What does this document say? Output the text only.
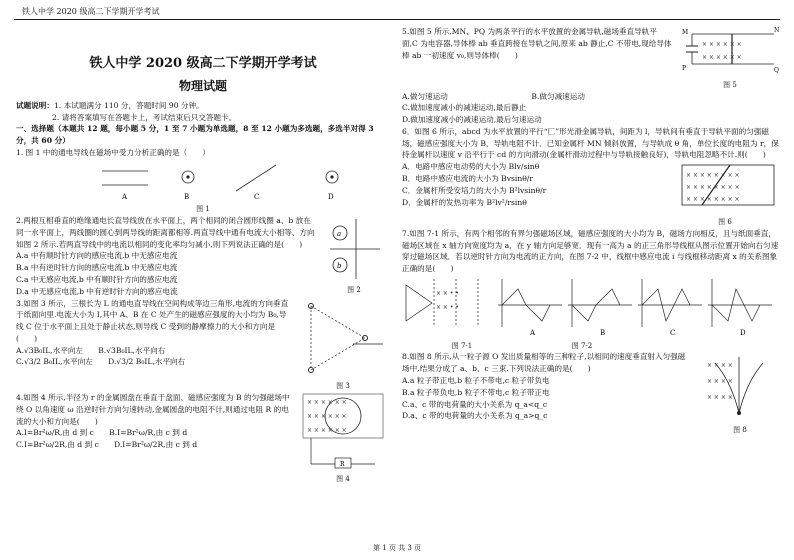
铁人中学 2020 级高二下学期开学考试
铁人中学 2020 级高二下学期开学考试
物理试题

试题说明：1. 本试题满分 110 分，答题时间 90 分钟。

2. 请将答案填写在答题卡上，考试结束后只交答题卡。

一、选择题（本题共 12 题，每小题 5 分，1 至 7 小题为单选题，8 至 12 小题为多选题，多选半对得 3 分，共 60 分）

1. 图 1 中的通电导线在磁场中受力分析正确的是（　　）

A	B	C	D
图 1

2.两根互相垂直的绝缘通电长直导线放在水平面上，两个相同的闭合圆形线圈 a、b 放在同一水平面上，两线圈的圆心到两导线的距离都相等.两直导线中通有电流大小相等、方向如图 2 所示.若两直导线中的电流以相同的变化率均匀减小,则下列说法正确的是(　　)

A.a 中有顺时针方向的感应电流,b 中无感应电流

B.a 中有逆时针方向的感应电流,b 中无感应电流

C.a 中无感应电流,b 中有顺时针方向的感应电流

D.a 中无感应电流,b 中有逆时针方向的感应电流

a
b
图 2

3.如图 3 所示，三根长为 L 的通电直导线在空间构成等边三角形,电流的方向垂直于纸面向里.电流大小为 I,其中 A、B 在 C 处产生的磁感应强度的大小均为 B₀,导线 C 位于水平面上且处于静止状态,则导线 C 受到的静摩擦力的大小和方向是(　　)

A.√3B₀IL,水平向左　　 B.√3B₀IL,水平向右

C.√3/2 B₀IL,水平向左　　 D.√3/2 B₀IL,水平向右

图 3

4.如图 4 所示,半径为 r 的金属圆盘在垂直于盘面、磁感应强度为 B 的匀强磁场中绕 O 以角速度 ω 沿逆时针方向匀速转动,金属圆盘的电阻不计,则通过电阻 R 的电流的大小和方向是(　　)

A.I=Br²ω/R,由 d 到 c　　 B.I=Br²ω/R,由 c 到 d

C.I=Br²ω/2R,由 d 到 c　　 D.I=Br²ω/2R,由 c 到 d

× × × × × ×
× × × × × ×
× × × × × ×
R
图 4

5.如图 5 所示,MN、PQ 为两条平行的水平放置的金属导轨,磁场垂直导轨平面,C 为电容器,导体棒 ab 垂直跨接在导轨之间,原来 ab 静止,C 不带电,现给导体棒 ab 一初速度 v₀,则导体棒(　　)

× × × × × ×
× × × × × ×
M	N
P	Q
图 5

A.做匀速运动　　　　　　　　　　　	B.做匀减速运动

C.做加速度减小的减速运动,最后静止

D.做加速度减小的减速运动,最后匀速运动

6．如图 6 所示，abcd 为水平放置的平行“匚”形光滑金属导轨，间距为 l，导轨间有垂直于导轨平面的匀强磁场，磁感应强度大小为 B，导轨电阻不计．已知金属杆 MN 倾斜放置，与导轨成 θ 角，单位长度的电阻为 r，保持金属杆以速度 v 沿平行于 cd 的方向滑动(金属杆滑动过程中与导轨接触良好)，导轨电阻忽略不计.则(　　)

A．电路中感应电动势的大小为 Blv/sinθ

B．电路中感应电流的大小为 Bvsinθ/r

C．金属杆所受安培力的大小为 B²lvsinθ/r

D．金属杆的发热功率为 B²lv²/rsinθ

× × × × × × × ×
× × × × × × × ×
× × × × × × × ×
图 6

7.如图 7-1 所示，有两个相邻的有界匀强磁场区域，磁感应强度的大小均为 B，磁场方向相反，且与纸面垂直，磁场区域在 x 轴方向宽度均为 a，在 y 轴方向足够宽．现有一高为 a 的正三角形导线框从图示位置开始向右匀速穿过磁场区域．若以逆时针方向为电流的正方向，在图 7-2 中，线框中感应电流 i 与线框移动距离 x 的关系图象正确的是(　　)

× × • •
× × • •
A	B	C	D
图 7-1	图 7-2

8.如图 8 所示,从一粒子源 O 发出质量相等的三种粒子,以相同的速度垂直射入匀强磁场中,结果分成了 a、b、c 三束.下列说法正确的是(　　)

A.a 粒子带正电,b 粒子不带电,c 粒子带负电

B.a 粒子带负电,b 粒子不带电,c 粒子带正电

C.a、c 带的电荷量的大小关系为 q_a<q_c

D.a、c 带的电荷量的大小关系为 q_a>q_c

× × × ×
× × × ×
× × × ×
图 8
第 1 页 共 3 页
